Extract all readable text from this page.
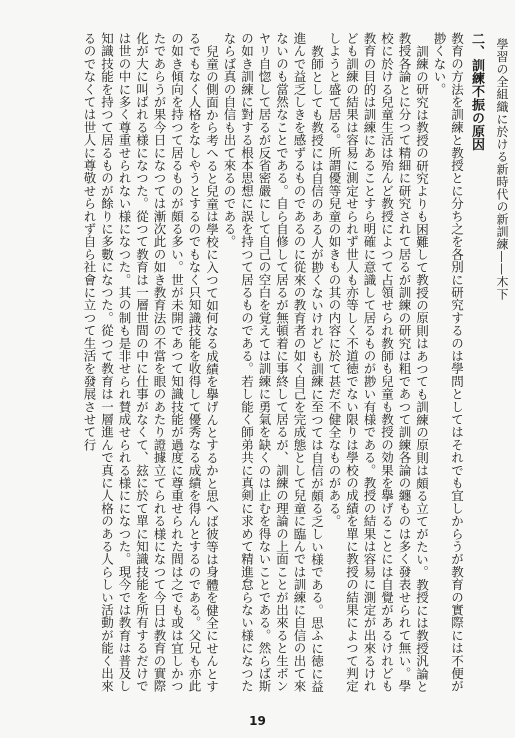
學習の全組織に於ける新時代の新訓練——木下
二、訓練不振の原因

教育の方法を訓練と教授とに分ち之を各別に研究するのは學問としてはそれでも宜しからうが教育の實際には不便が尠くない。

訓練の研究は教授の研究よりも困難して教授の原則はあつても訓練の原則は頗る立てがたい。教授には教授汎論と教授各論とに分つて精細に研究されて居るが訓練の研究は粗であつて訓練各論の纏ものは多く發表せられて無い。學校に於ける兒童生活は殆んど教授によつて占領せられ教師も兒童も教授の効果を擧げることには自覺があるけれども教育の目的は訓練にあることすら明確に意識して居るものが尠い有様である。教授の結果は容易に測定が出來るけれども訓練の結果は容易に測定せられず世人も亦等しく不道徳でない限りは學校の成績を單に教授の結果によつて判定しようと盛て居る。所謂優等兒童の如きもの其の内容に於て甚だ不健全なものがある。

教師としても教授には自信のある人が尠くないけれども訓練に至つては自信が頗る乏しい様である。思ふに徳に益進んで益乏しきを感ずるものであるのに從來の教育者の如く自己を完成態として兒童に臨んでは訓練に自信の出て來ないのも當然なことである。自ら自修して居るが無頓着に事終して居るが、訓練の理論の上面ことが出來ると生ボンヤリ自惚して居るが反省密嚴にして自己の空白を覚えては訓練に勇氣を缺くのは止むを得ないことである。然らば斯の如き訓練に對する根本思想に誤を持つて居るものである。若し能く師弟共に真剣に求めて精進怠らない様になつたならば真の自信も出て來るのである。

兒童の側面から考へると兒童は學校に入つて如何なる成績を擧げんとするかと思へば彼等は身體を健全にせんとするでもなく人格をなしやうとするのでもなく只知識技能を收得して優秀なる成績を得んとするのである。父兄も亦此の如き傾向を持つて居るものが頗る多い。世が未開であつて知識技能が過度に尊重せられた間は之でも或は宜しかつたであらうが果今日になつては漸次此の如き教育法の不當を眼のあたり證據立てられる様になつて今日は教育の實際化が大に叫ばれる様になつた。從つて教育は一層世間の中に仕事がなくて、玆に於て單に知識技能を所有するだけでは世の中に多く尊重せられない様になつた。其の制も是非せられ賛成せられる様にになつた。現今では教育は普及し知識技能を持つて居るものが餘りに多數になつた。從つて教育は一層進んで真に人格のある人らしい活動が能く出來るのでなくては世人に尊敬せられず自ら社會に立つて生活を發展させて行

19
